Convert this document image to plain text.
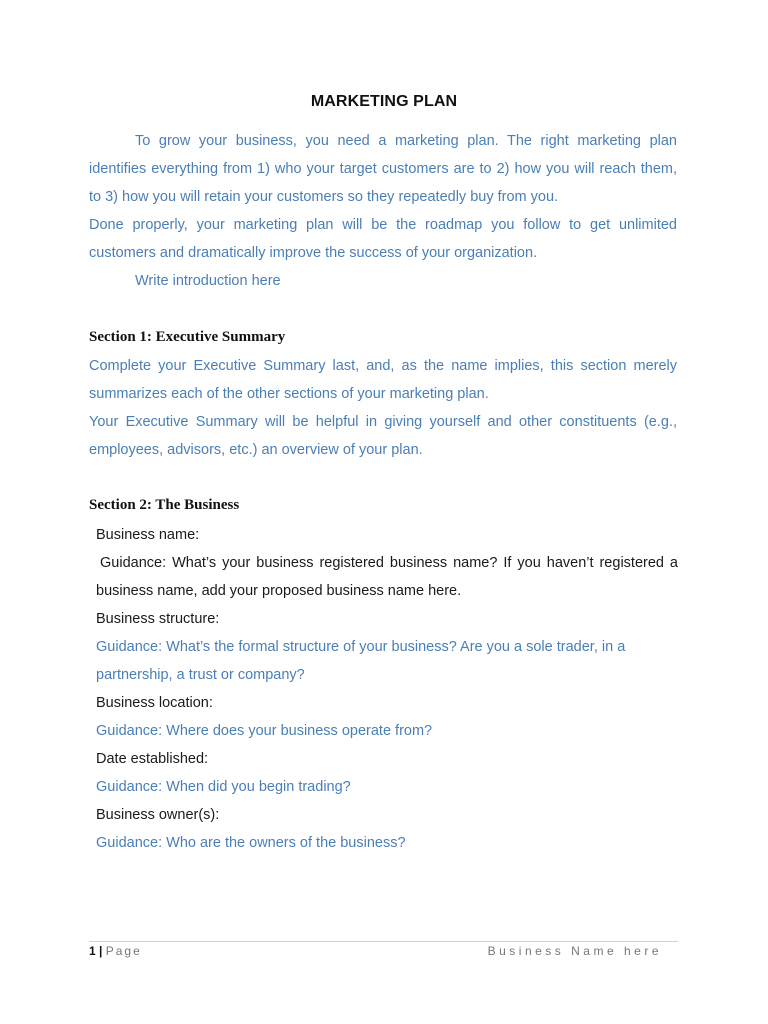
MARKETING PLAN
To grow your business, you need a marketing plan. The right marketing plan identifies everything from 1) who your target customers are to 2) how you will reach them, to 3) how you will retain your customers so they repeatedly buy from you.
Done properly, your marketing plan will be the roadmap you follow to get unlimited customers and dramatically improve the success of your organization.
Write introduction here
Section 1: Executive Summary
Complete your Executive Summary last, and, as the name implies, this section merely summarizes each of the other sections of your marketing plan.
Your Executive Summary will be helpful in giving yourself and other constituents (e.g., employees, advisors, etc.) an overview of your plan.
Section 2: The Business

Business name:

Guidance: What’s your business registered business name? If you haven’t registered a business name, add your proposed business name here.

Business structure:

Guidance: What’s the formal structure of your business? Are you a sole trader, in a partnership, a trust or company?

Business location:

Guidance: Where does your business operate from?

Date established:

Guidance: When did you begin trading?

Business owner(s):

Guidance: Who are the owners of the business?

1 | Page	Business Name here
